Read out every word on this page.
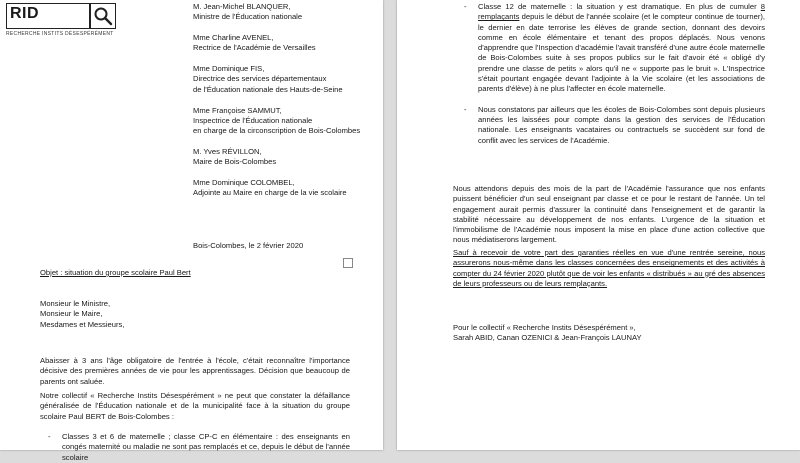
RID
RECHERCHE INSTITS DÉSESPÉRÉMENT
M. Jean-Michel BLANQUER,
Ministre de l'Éducation nationale
Mme Charline AVENEL,
Rectrice de l'Académie de Versailles
Mme Dominique FIS,
Directrice des services départementaux
de l'Éducation nationale des Hauts-de-Seine
Mme Françoise SAMMUT,
Inspectrice de l'Éducation nationale
en charge de la circonscription de Bois-Colombes
M. Yves RÉVILLON,
Maire de Bois-Colombes
Mme Dominique COLOMBEL,
Adjointe au Maire en charge de la vie scolaire
Bois-Colombes, le 2 février 2020
Objet : situation du groupe scolaire Paul Bert
Monsieur le Ministre,
Monsieur le Maire,
Mesdames et Messieurs,
Abaisser à 3 ans l'âge obligatoire de l'entrée à l'école, c'était reconnaître l'importance décisive des premières années de vie pour les apprentissages. Décision que beaucoup de parents ont saluée.
Notre collectif « Recherche Instits Désespérément » ne peut que constater la défaillance généralisée de l'Éducation nationale et de la municipalité face à la situation du groupe scolaire Paul BERT de Bois-Colombes :
- Classes 3 et 6 de maternelle ; classe CP-C en élémentaire : des enseignants en congés maternité ou maladie ne sont pas remplacés et ce, depuis le début de l'année scolaire
- Classe 12 de maternelle : la situation y est dramatique. En plus de cumuler 8 remplaçants depuis le début de l'année scolaire (et le compteur continue de tourner), le dernier en date terrorise les élèves de grande section, donnant des devoirs comme en école élémentaire et tenant des propos déplacés. Nous venons d'apprendre que l'Inspection d'académie l'avait transféré d'une autre école maternelle de Bois-Colombes suite à ses propos publics sur le fait d'avoir été « obligé d'y prendre une classe de petits » alors qu'il ne « supporte pas le bruit ». L'Inspectrice s'était pourtant engagée devant l'adjointe à la Vie scolaire (et les associations de parents d'élève) à ne plus l'affecter en école maternelle.
- Nous constatons par ailleurs que les écoles de Bois-Colombes sont depuis plusieurs années les laissées pour compte dans la gestion des services de l'Éducation nationale. Les enseignants vacataires ou contractuels se succèdent sur fond de conflit avec les services de l'Académie.
Nous attendons depuis des mois de la part de l'Académie l'assurance que nos enfants puissent bénéficier d'un seul enseignant par classe et ce pour le restant de l'année. Un tel engagement aurait permis d'assurer la continuité dans l'enseignement et de garantir la stabilité nécessaire au développement de nos enfants. L'urgence de la situation et l'immobilisme de l'Académie nous imposent la mise en place d'une action collective que nous médiatiserons largement.
Sauf à recevoir de votre part des garanties réelles en vue d'une rentrée sereine, nous assurerons nous-même dans les classes concernées des enseignements et des activités à compter du 24 février 2020 plutôt que de voir les enfants « distribués » au gré des absences de leurs professeurs ou de leurs remplaçants.
Pour le collectif « Recherche Instits Désespérément »,
Sarah ABID, Canan OZENICI & Jean-François LAUNAY
